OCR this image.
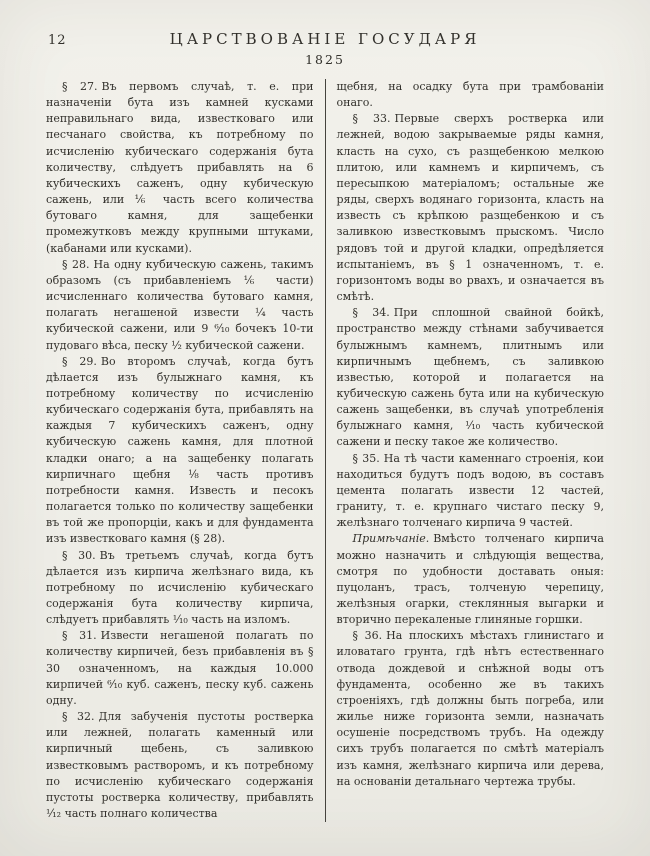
12	ЦАРСТВОВАНІЕ ГОСУДАРЯ
1825

§ 27. Въ первомъ случаѣ, т. е. при назначеніи бута изъ камней кусками неправильнаго вида, известковаго или песчанаго свойства, къ потребному по исчисленію кубическаго содержанія бута количеству, слѣдуетъ прибавлять на 6 кубическихъ саженъ, одну кубическую сажень, или ⅙ часть всего количества бутоваго камня, для защебенки промежутковъ между крупными штуками, (кабанами или кусками).

§ 28. На одну кубическую сажень, такимъ образомъ (съ прибавленіемъ ⅙ части) исчисленнаго количества бутоваго камня, полагать негашеной извести ¼ часть кубической сажени, или 9 ⁶⁄₁₀ бочекъ 10-ти пудоваго вѣса, песку ½ кубической сажени.

§ 29. Во второмъ случаѣ, когда бутъ дѣлается изъ булыжнаго камня, къ потребному количеству по исчисленію кубическаго содержанія бута, прибавлять на каждыя 7 кубическихъ саженъ, одну кубическую сажень камня, для плотной кладки онаго; а на защебенку полагать кирпичнаго щебня ⅛ часть противъ потребности камня. Известь и песокъ полагается только по количеству защебенки въ той же пропорціи, какъ и для фундамента изъ известковаго камня (§ 28).

§ 30. Въ третьемъ случаѣ, когда бутъ дѣлается изъ кирпича желѣзнаго вида, къ потребному по исчисленію кубическаго содержанія бута количеству кирпича, слѣдуетъ прибавлять ¹⁄₁₀ часть на изломъ.

§ 31. Извести негашеной полагать по количеству кирпичей, безъ прибавленія въ § 30 означенномъ, на каждыя 10.000 кирпичей ⁶⁄₁₀ куб. саженъ, песку куб. сажень одну.

§ 32. Для забученія пустоты ростверка или лежней, полагать каменный или кирпичный щебень, съ заливкою известковымъ растворомъ, и къ потребному по исчисленію кубическаго содержанія пустоты ростверка количеству, прибавлять ¹⁄₁₂ часть полнаго количества

щебня, на осадку бута при трамбованіи онаго.

§ 33. Первые сверхъ ростверка или лежней, водою закрываемые ряды камня, класть на сухо, съ разщебенкою мелкою плитою, или камнемъ и кирпичемъ, съ пересыпкою матеріаломъ; остальные же ряды, сверхъ водянаго горизонта, класть на известь съ крѣпкою разщебенкою и съ заливкою известковымъ прыскомъ. Число рядовъ той и другой кладки, опредѣляется испытаніемъ, въ § 1 означенномъ, т. е. горизонтомъ воды во рвахъ, и означается въ смѣтѣ.

§ 34. При сплошной свайной бойкѣ, пространство между стѣнами забучивается булыжнымъ камнемъ, плитнымъ или кирпичнымъ щебнемъ, съ заливкою известью, которой и полагается на кубическую сажень бута или на кубическую сажень защебенки, въ случаѣ употребленія булыжнаго камня, ¹⁄₁₀ часть кубической сажени и песку такое же количество.

§ 35. На тѣ части каменнаго строенія, кои находиться будутъ подъ водою, въ составъ цемента полагать извести 12 частей, граниту, т. е. крупнаго чистаго песку 9, желѣзнаго толченаго кирпича 9 частей.

Примѣчаніе. Вмѣсто толченаго кирпича можно назначить и слѣдующія вещества, смотря по удобности доставать оныя: пуцоланъ, трасъ, толченую черепицу, желѣзныя огарки, стеклянныя выгарки и вторично перекаленые глиняные горшки.

§ 36. На плоскихъ мѣстахъ глинистаго и иловатаго грунта, гдѣ нѣтъ естественнаго отвода дождевой и снѣжной воды отъ фундамента, особенно же въ такихъ строеніяхъ, гдѣ должны быть погреба, или жилье ниже горизонта земли, назначать осушеніе посредствомъ трубъ. На одежду сихъ трубъ полагается по смѣтѣ матеріалъ изъ камня, желѣзнаго кирпича или дерева, на основаніи детальнаго чертежа трубы.
